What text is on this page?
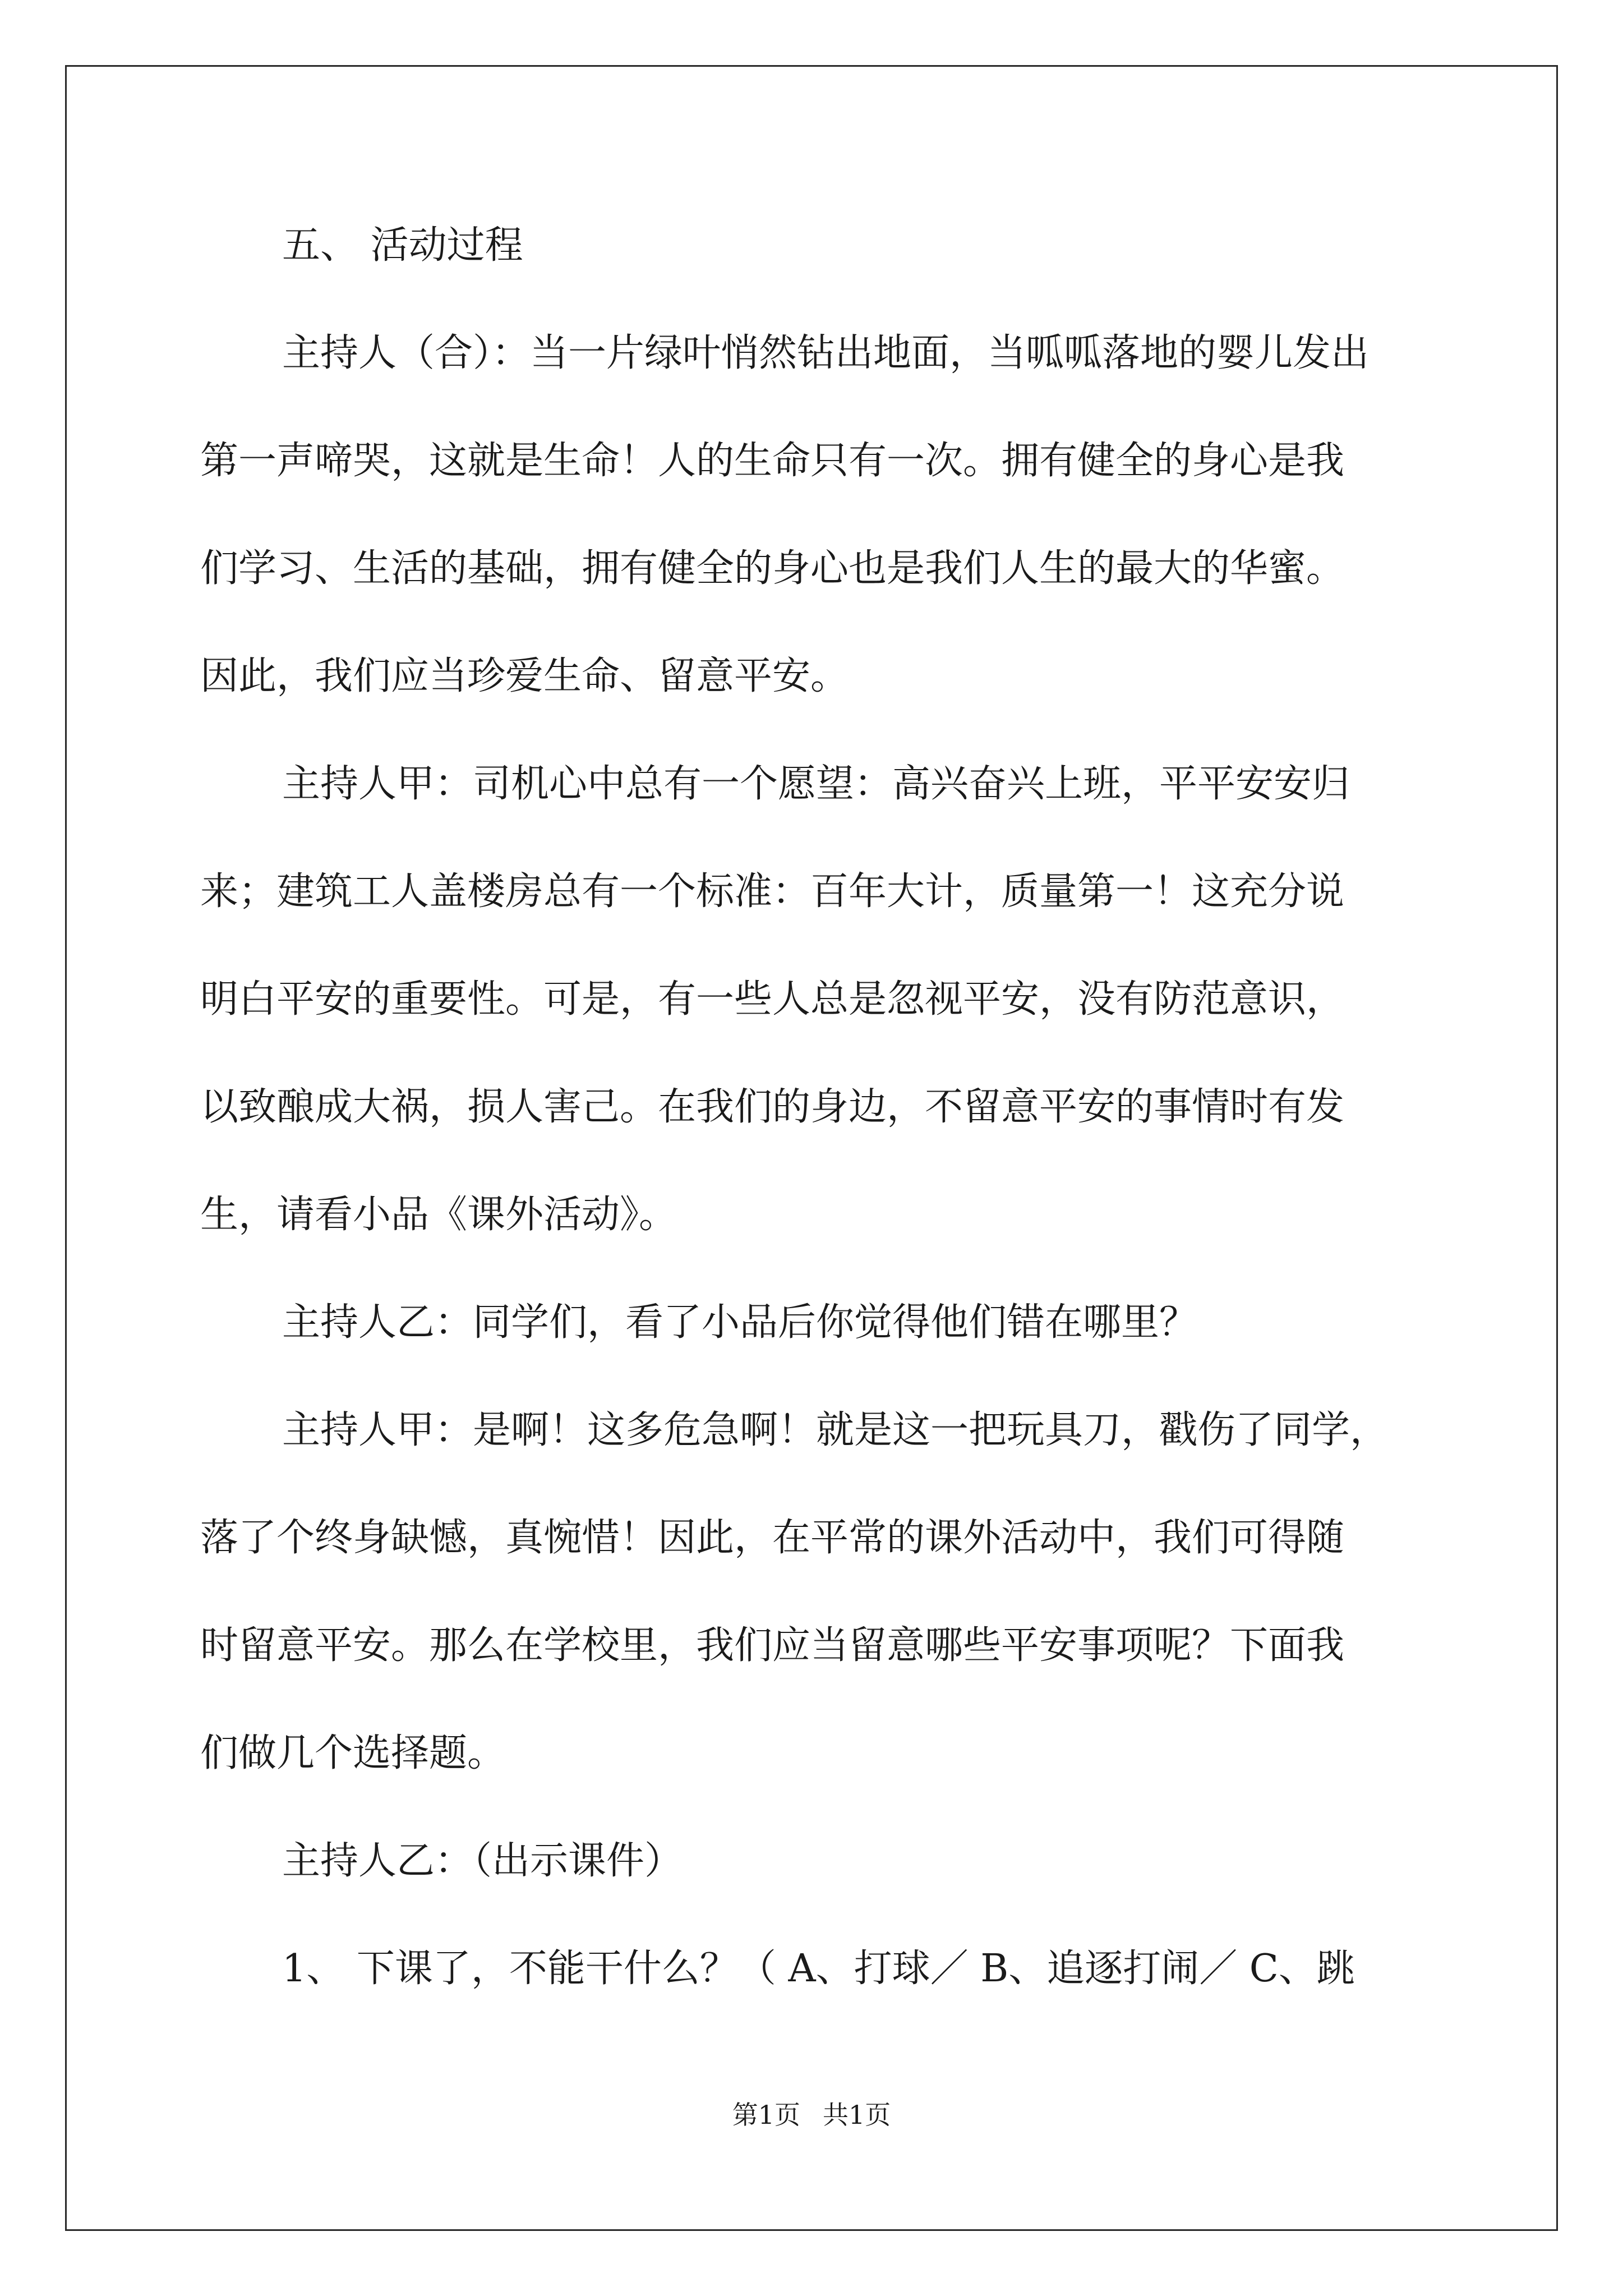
五、 活动过程
主持人（合）：当一片绿叶悄然钻出地面，当呱呱落地的婴儿发出
第一声啼哭，这就是生命！人的生命只有一次。拥有健全的身心是我
们学习、生活的基础，拥有健全的身心也是我们人生的最大的华蜜。
因此，我们应当珍爱生命、留意平安。
主持人甲：司机心中总有一个愿望：高兴奋兴上班，平平安安归
来；建筑工人盖楼房总有一个标准：百年大计，质量第一！这充分说
明白平安的重要性。可是，有一些人总是忽视平安，没有防范意识，
以致酿成大祸，损人害己。在我们的身边，不留意平安的事情时有发
生，请看小品《课外活动》。
主持人乙：同学们，看了小品后你觉得他们错在哪里？
主持人甲：是啊！这多危急啊！就是这一把玩具刀，戳伤了同学，
落了个终身缺憾，真惋惜！因此，在平常的课外活动中，我们可得随
时留意平安。那么在学校里，我们应当留意哪些平安事项呢？下面我
们做几个选择题。
主持人乙：（出示课件）
1、 下课了，不能干什么？（ A、打球／ B、追逐打闹／ C、跳
第1页 共1页
